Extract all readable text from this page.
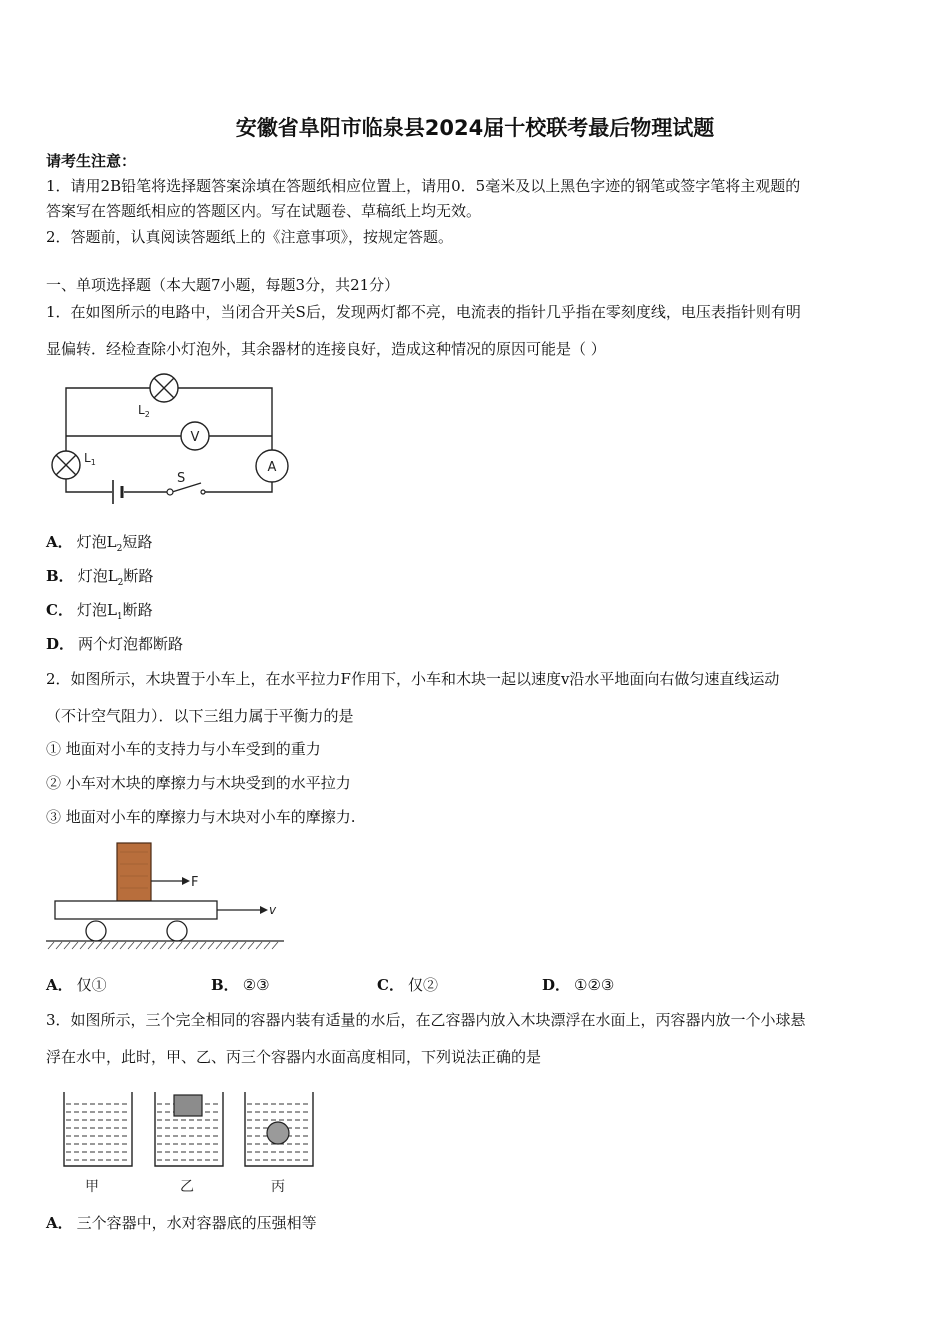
安徽省阜阳市临泉县2024届十校联考最后物理试题
请考生注意：
1．请用2B铅笔将选择题答案涂填在答题纸相应位置上，请用0．5毫米及以上黑色字迹的钢笔或签字笔将主观题的
答案写在答题纸相应的答题区内。写在试题卷、草稿纸上均无效。
2．答题前，认真阅读答题纸上的《注意事项》，按规定答题。
一、单项选择题（本大题7小题，每题3分，共21分）
1．在如图所示的电路中，当闭合开关S后，发现两灯都不亮，电流表的指针几乎指在零刻度线，电压表指针则有明
显偏转．经检查除小灯泡外，其余器材的连接良好，造成这种情况的原因可能是（ ）
$L_2$
V
$L_1$
S
A
A． 灯泡$L_2$短路
B． 灯泡$L_2$断路
C． 灯泡$L_1$断路
D． 两个灯泡都断路
2．如图所示，木块置于小车上，在水平拉力F作用下，小车和木块一起以速度v沿水平地面向右做匀速直线运动
（不计空气阻力）．以下三组力属于平衡力的是
① 地面对小车的支持力与小车受到的重力
② 小车对木块的摩擦力与木块受到的水平拉力
③ 地面对小车的摩擦力与木块对小车的摩擦力.
F
v
A． 仅①	B． ②③	C． 仅②	D． ①②③
3．如图所示，三个完全相同的容器内装有适量的水后，在乙容器内放入木块漂浮在水面上，丙容器内放一个小球悬
浮在水中，此时，甲、乙、丙三个容器内水面高度相同，下列说法正确的是
甲	乙	丙
A． 三个容器中，水对容器底的压强相等
